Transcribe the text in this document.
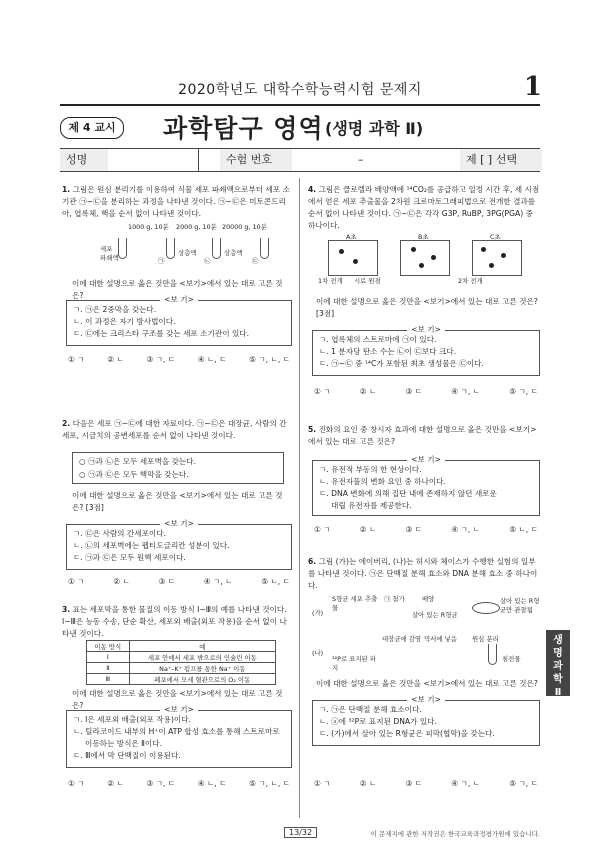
2020학년도 대학수학능력시험 문제지	1
제 4 교시	과학탐구 영역 (생명 과학 Ⅱ)
성명	수험 번호	–	제 [ ] 선택
1. 그림은 원심 분리기를 이용하여 식물 세포 파쇄액으로부터 세포 소기관 ㉠~㉢을 분리하는 과정을 나타낸 것이다. ㉠~㉢은 미토콘드리아, 엽록체, 핵을 순서 없이 나타낸 것이다.
1000 g, 10분 2000 g, 10분 20000 g, 10분
세포 파쇄액
상층액	상층액
㉠	㉡	㉢
이에 대한 설명으로 옳은 것만을 <보기>에서 있는 대로 고른 것은?	<보 기>
ㄱ. ㉠은 2중막을 갖는다.
ㄴ. 이 과정은 자기 방사법이다.
ㄷ. ㉢에는 크리스타 구조를 갖는 세포 소기관이 있다.
① ㄱ	② ㄴ	③ ㄱ, ㄷ	④ ㄴ, ㄷ	⑤ ㄱ, ㄴ, ㄷ
2. 다음은 세포 ㉠~㉢에 대한 자료이다. ㉠~㉢은 대장균, 사람의 간세포, 시금치의 공변세포를 순서 없이 나타낸 것이다.
○ ㉠과 ㉡은 모두 세포벽을 갖는다.
○ ㉠과 ㉢은 모두 핵막을 갖는다.
이에 대한 설명으로 옳은 것만을 <보기>에서 있는 대로 고른 것은? [3점]
<보 기>
ㄱ. ㉢은 사람의 간세포이다.
ㄴ. ㉡의 세포벽에는 펩티도글리칸 성분이 있다.
ㄷ. ㉠과 ㉢은 모두 원핵 세포이다.
① ㄱ	② ㄴ	③ ㄷ	④ ㄱ, ㄴ	⑤ ㄴ, ㄷ
3. 표는 세포막을 통한 물질의 이동 방식 Ⅰ~Ⅲ의 예를 나타낸 것이다. Ⅰ~Ⅲ은 능동 수송, 단순 확산, 세포외 배출(외포 작용)을 순서 없이 나타낸 것이다.
이동 방식	예
Ⅰ	세포 안에서 세포 밖으로의 인슐린 이동
Ⅱ	Na⁺–K⁺ 펌프를 통한 Na⁺ 이동
Ⅲ	폐포에서 모세 혈관으로의 O₂ 이동
이에 대한 설명으로 옳은 것만을 <보기>에서 있는 대로 고른 것은?	<보 기>
ㄱ. Ⅰ은 세포외 배출(외포 작용)이다.
ㄴ. 틸라코이드 내부의 H⁺이 ATP 합성 효소를 통해 스트로마로
이동하는 방식은 Ⅱ이다.
ㄷ. Ⅲ에서 막 단백질이 이용된다.
① ㄱ	② ㄴ	③ ㄱ, ㄷ	④ ㄴ, ㄷ	⑤ ㄱ, ㄴ, ㄷ
4. 그림은 클로렐라 배양액에 ¹⁴CO₂를 공급하고 일정 시간 후, 세 시점에서 얻은 세포 추출물을 2차원 크로마토그래피법으로 전개한 결과를 순서 없이 나타낸 것이다. ㉠~㉢은 각각 G3P, RuBP, 3PG(PGA) 중 하나이다.
A초	B초	C초
1차 전개 시료 원점	2차 전개
이에 대한 설명으로 옳은 것만을 <보기>에서 있는 대로 고른 것은? [3점]
<보 기>
ㄱ. 엽록체의 스트로마에 ㉠이 있다.
ㄴ. 1 분자당 탄소 수는 ㉡이 ㉢보다 크다.
ㄷ. ㉠~㉢ 중 ¹⁴C가 포함된 최초 생성물은 ㉢이다.
① ㄱ	② ㄴ	③ ㄷ	④ ㄱ, ㄴ	⑤ ㄱ, ㄷ
5. 진화의 요인 중 창시자 효과에 대한 설명으로 옳은 것만을 <보기>에서 있는 대로 고른 것은?
<보 기>
ㄱ. 유전적 부동의 한 현상이다.
ㄴ. 유전자풀의 변화 요인 중 하나이다.
ㄷ. DNA 변화에 의해 집단 내에 존재하지 않던 새로운
대립 유전자를 제공한다.
① ㄱ	② ㄴ	③ ㄷ	④ ㄱ, ㄴ	⑤ ㄴ, ㄷ
6. 그림 (가)는 에이버리, (나)는 허시와 체이스가 수행한 실험의 일부를 나타낸 것이다. ㉠은 단백질 분해 효소와 DNA 분해 효소 중 하나이다.
(가)
S형균 세포 추출물
㉠ 첨가	배양
살아 있는 R형균
살아 있는 R형균만 관찰됨
(나)
³²P로 표지된 파지
대장균에 감염 믹서에 넣음 원심 분리
침전물
이에 대한 설명으로 옳은 것만을 <보기>에서 있는 대로 고른 것은?
<보 기>
ㄱ. ㉠은 단백질 분해 효소이다.
ㄴ. ⓐ에 ³²P로 표지된 DNA가 있다.
ㄷ. (가)에서 살아 있는 R형균은 피막(협막)을 갖는다.
① ㄱ	② ㄴ	③ ㄷ	④ ㄱ, ㄴ	⑤ ㄱ, ㄷ
생
명
과
학
Ⅱ
13/32	이 문제지에 관한 저작권은 한국교육과정평가원에 있습니다.
